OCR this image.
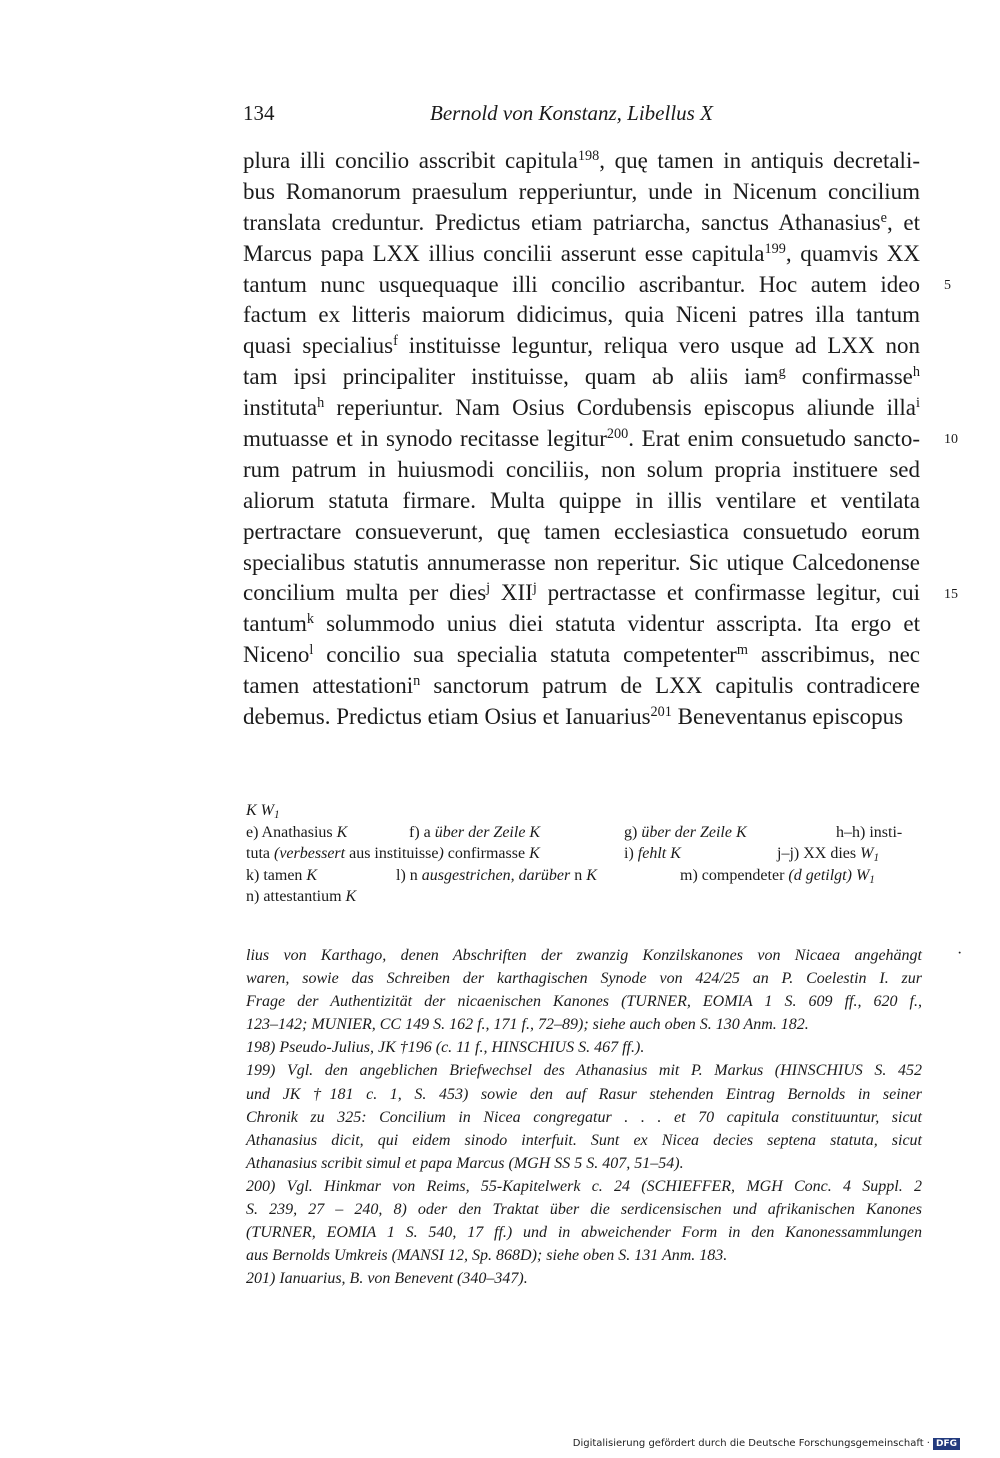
134	Bernold von Konstanz, Libellus X
plura illi concilio asscribit capitula$^{198}$, quę tamen in antiquis decretali-
bus Romanorum praesulum repperiuntur, unde in Nicenum concilium
translata creduntur. Predictus etiam patriarcha, sanctus Athanasius$^e$, et
Marcus papa LXX illius concilii asserunt esse capitula$^{199}$, quamvis XX
tantum nunc usquequaque illi concilio ascribantur. Hoc autem ideo
factum ex litteris maiorum didicimus, quia Niceni patres illa tantum
quasi specialius$^f$ instituisse leguntur, reliqua vero usque ad LXX non
tam ipsi principaliter instituisse, quam ab aliis iam$^g$ confirmasse$^h$
instituta$^h$ reperiuntur. Nam Osius Cordubensis episcopus aliunde illa$^i$
mutuasse et in synodo recitasse legitur$^{200}$. Erat enim consuetudo sancto-
rum patrum in huiusmodi conciliis, non solum propria instituere sed
aliorum statuta firmare. Multa quippe in illis ventilare et ventilata
pertractare consueverunt, quę tamen ecclesiastica consuetudo eorum
specialibus statutis annumerasse non reperitur. Sic utique Calcedonense
concilium multa per dies$^j$ XII$^j$ pertractasse et confirmasse legitur, cui
tantum$^k$ solummodo unius diei statuta videntur asscripta. Ita ergo et
Niceno$^l$ concilio sua specialia statuta competenter$^m$ asscribimus, nec
tamen attestationi$^n$ sanctorum patrum de LXX capitulis contradicere
debemus. Predictus etiam Osius et Ianuarius$^{201}$ Beneventanus episcopus
5
10
15
K $W_1$
e) Anathasius K	f) a über der Zeile K	g) über der Zeile K	h–h) insti-
tuta (verbessert aus instituisse) confirmasse K	i) fehlt K	j–j) XX dies $W_1$
k) tamen K	l) n ausgestrichen, darüber n K	m) compendeter (d getilgt) $W_1$
n) attestantium K
lius von Karthago, denen Abschriften der zwanzig Konzilskanones von Nicaea angehängt
waren, sowie das Schreiben der karthagischen Synode von 424/25 an P. Coelestin I. zur
Frage der Authentizität der nicaenischen Kanones (TURNER, EOMIA 1 S. 609 ff., 620 f.,
123–142; MUNIER, CC 149 S. 162 f., 171 f., 72–89); siehe auch oben S. 130 Anm. 182.
198) Pseudo-Julius, JK †196 (c. 11 f., HINSCHIUS S. 467 ff.).
199) Vgl. den angeblichen Briefwechsel des Athanasius mit P. Markus (HINSCHIUS S. 452
und JK †181 c. 1, S. 453) sowie den auf Rasur stehenden Eintrag Bernolds in seiner
Chronik zu 325: Concilium in Nicea congregatur . . . et 70 capitula constituuntur, sicut
Athanasius dicit, qui eidem sinodo interfuit. Sunt ex Nicea decies septena statuta, sicut
Athanasius scribit simul et papa Marcus (MGH SS 5 S. 407, 51–54).
200) Vgl. Hinkmar von Reims, 55-Kapitelwerk c. 24 (SCHIEFFER, MGH Conc. 4 Suppl. 2
S. 239, 27 – 240, 8) oder den Traktat über die serdicensischen und afrikanischen Kanones
(TURNER, EOMIA 1 S. 540, 17 ff.) und in abweichender Form in den Kanonessammlungen
aus Bernolds Umkreis (MANSI 12, Sp. 868D); siehe oben S. 131 Anm. 183.
201) Ianuarius, B. von Benevent (340–347).
·
Digitalisierung gefördert durch die Deutsche Forschungsgemeinschaft · DFG
